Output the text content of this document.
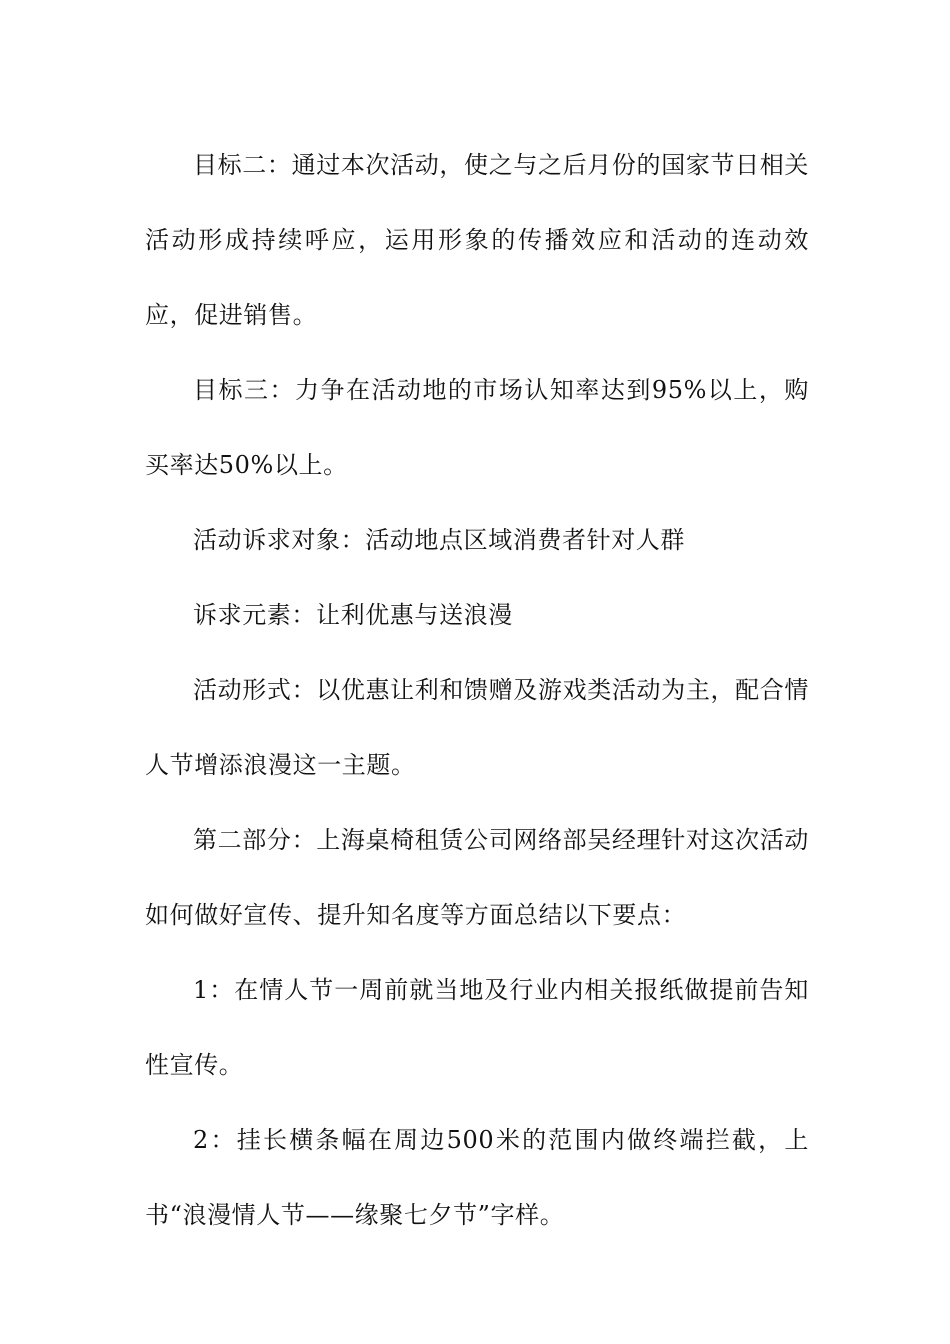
目标二：通过本次活动，使之与之后月份的国家节日相关活动形成持续呼应，运用形象的传播效应和活动的连动效应，促进销售。

目标三：力争在活动地的市场认知率达到95%以上，购买率达50%以上。

活动诉求对象：活动地点区域消费者针对人群

诉求元素：让利优惠与送浪漫

活动形式：以优惠让利和馈赠及游戏类活动为主，配合情人节增添浪漫这一主题。

第二部分：上海桌椅租赁公司网络部吴经理针对这次活动如何做好宣传、提升知名度等方面总结以下要点：

1：在情人节一周前就当地及行业内相关报纸做提前告知性宣传。

2：挂长横条幅在周边500米的范围内做终端拦截，上书“浪漫情人节——缘聚七夕节”字样。
